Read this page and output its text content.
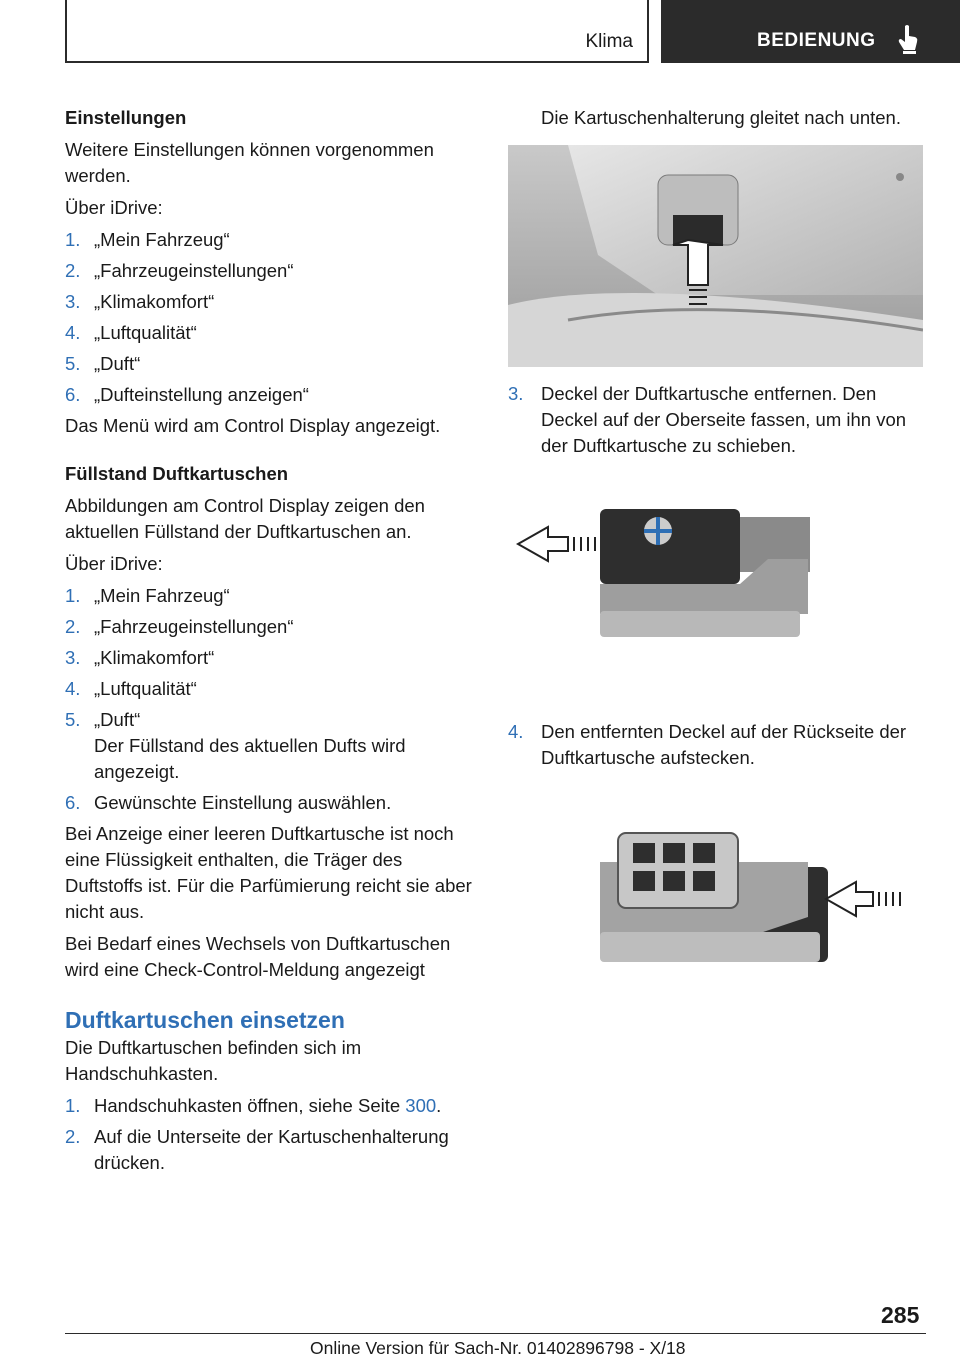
Klima	BEDIENUNG
Einstellungen

Weitere Einstellungen können vorgenommen werden.

Über iDrive:

1. „Mein Fahrzeug“
2. „Fahrzeugeinstellungen“
3. „Klimakomfort“
4. „Luftqualität“
5. „Duft“
6. „Dufteinstellung anzeigen“

Das Menü wird am Control Display angezeigt.

Füllstand Duftkartuschen

Abbildungen am Control Display zeigen den aktuellen Füllstand der Duftkartuschen an.

Über iDrive:

1. „Mein Fahrzeug“
2. „Fahrzeugeinstellungen“
3. „Klimakomfort“
4. „Luftqualität“
5. „Duft“
Der Füllstand des aktuellen Dufts wird angezeigt.
6. Gewünschte Einstellung auswählen.

Bei Anzeige einer leeren Duftkartusche ist noch eine Flüssigkeit enthalten, die Träger des Duftstoffs ist. Für die Parfümierung reicht sie aber nicht aus.

Bei Bedarf eines Wechsels von Duftkartuschen wird eine Check-Control-Meldung angezeigt

Duftkartuschen einsetzen

Die Duftkartuschen befinden sich im Handschuhkasten.

1. Handschuhkasten öffnen, siehe Seite 300.
2. Auf die Unterseite der Kartuschenhalterung drücken.

Die Kartuschenhalterung gleitet nach unten.

3. Deckel der Duftkartusche entfernen. Den Deckel auf der Oberseite fassen, um ihn von der Duftkartusche zu schieben.
4. Den entfernten Deckel auf der Rückseite der Duftkartusche aufstecken.
285
Online Version für Sach-Nr. 01402896798 - X/18
